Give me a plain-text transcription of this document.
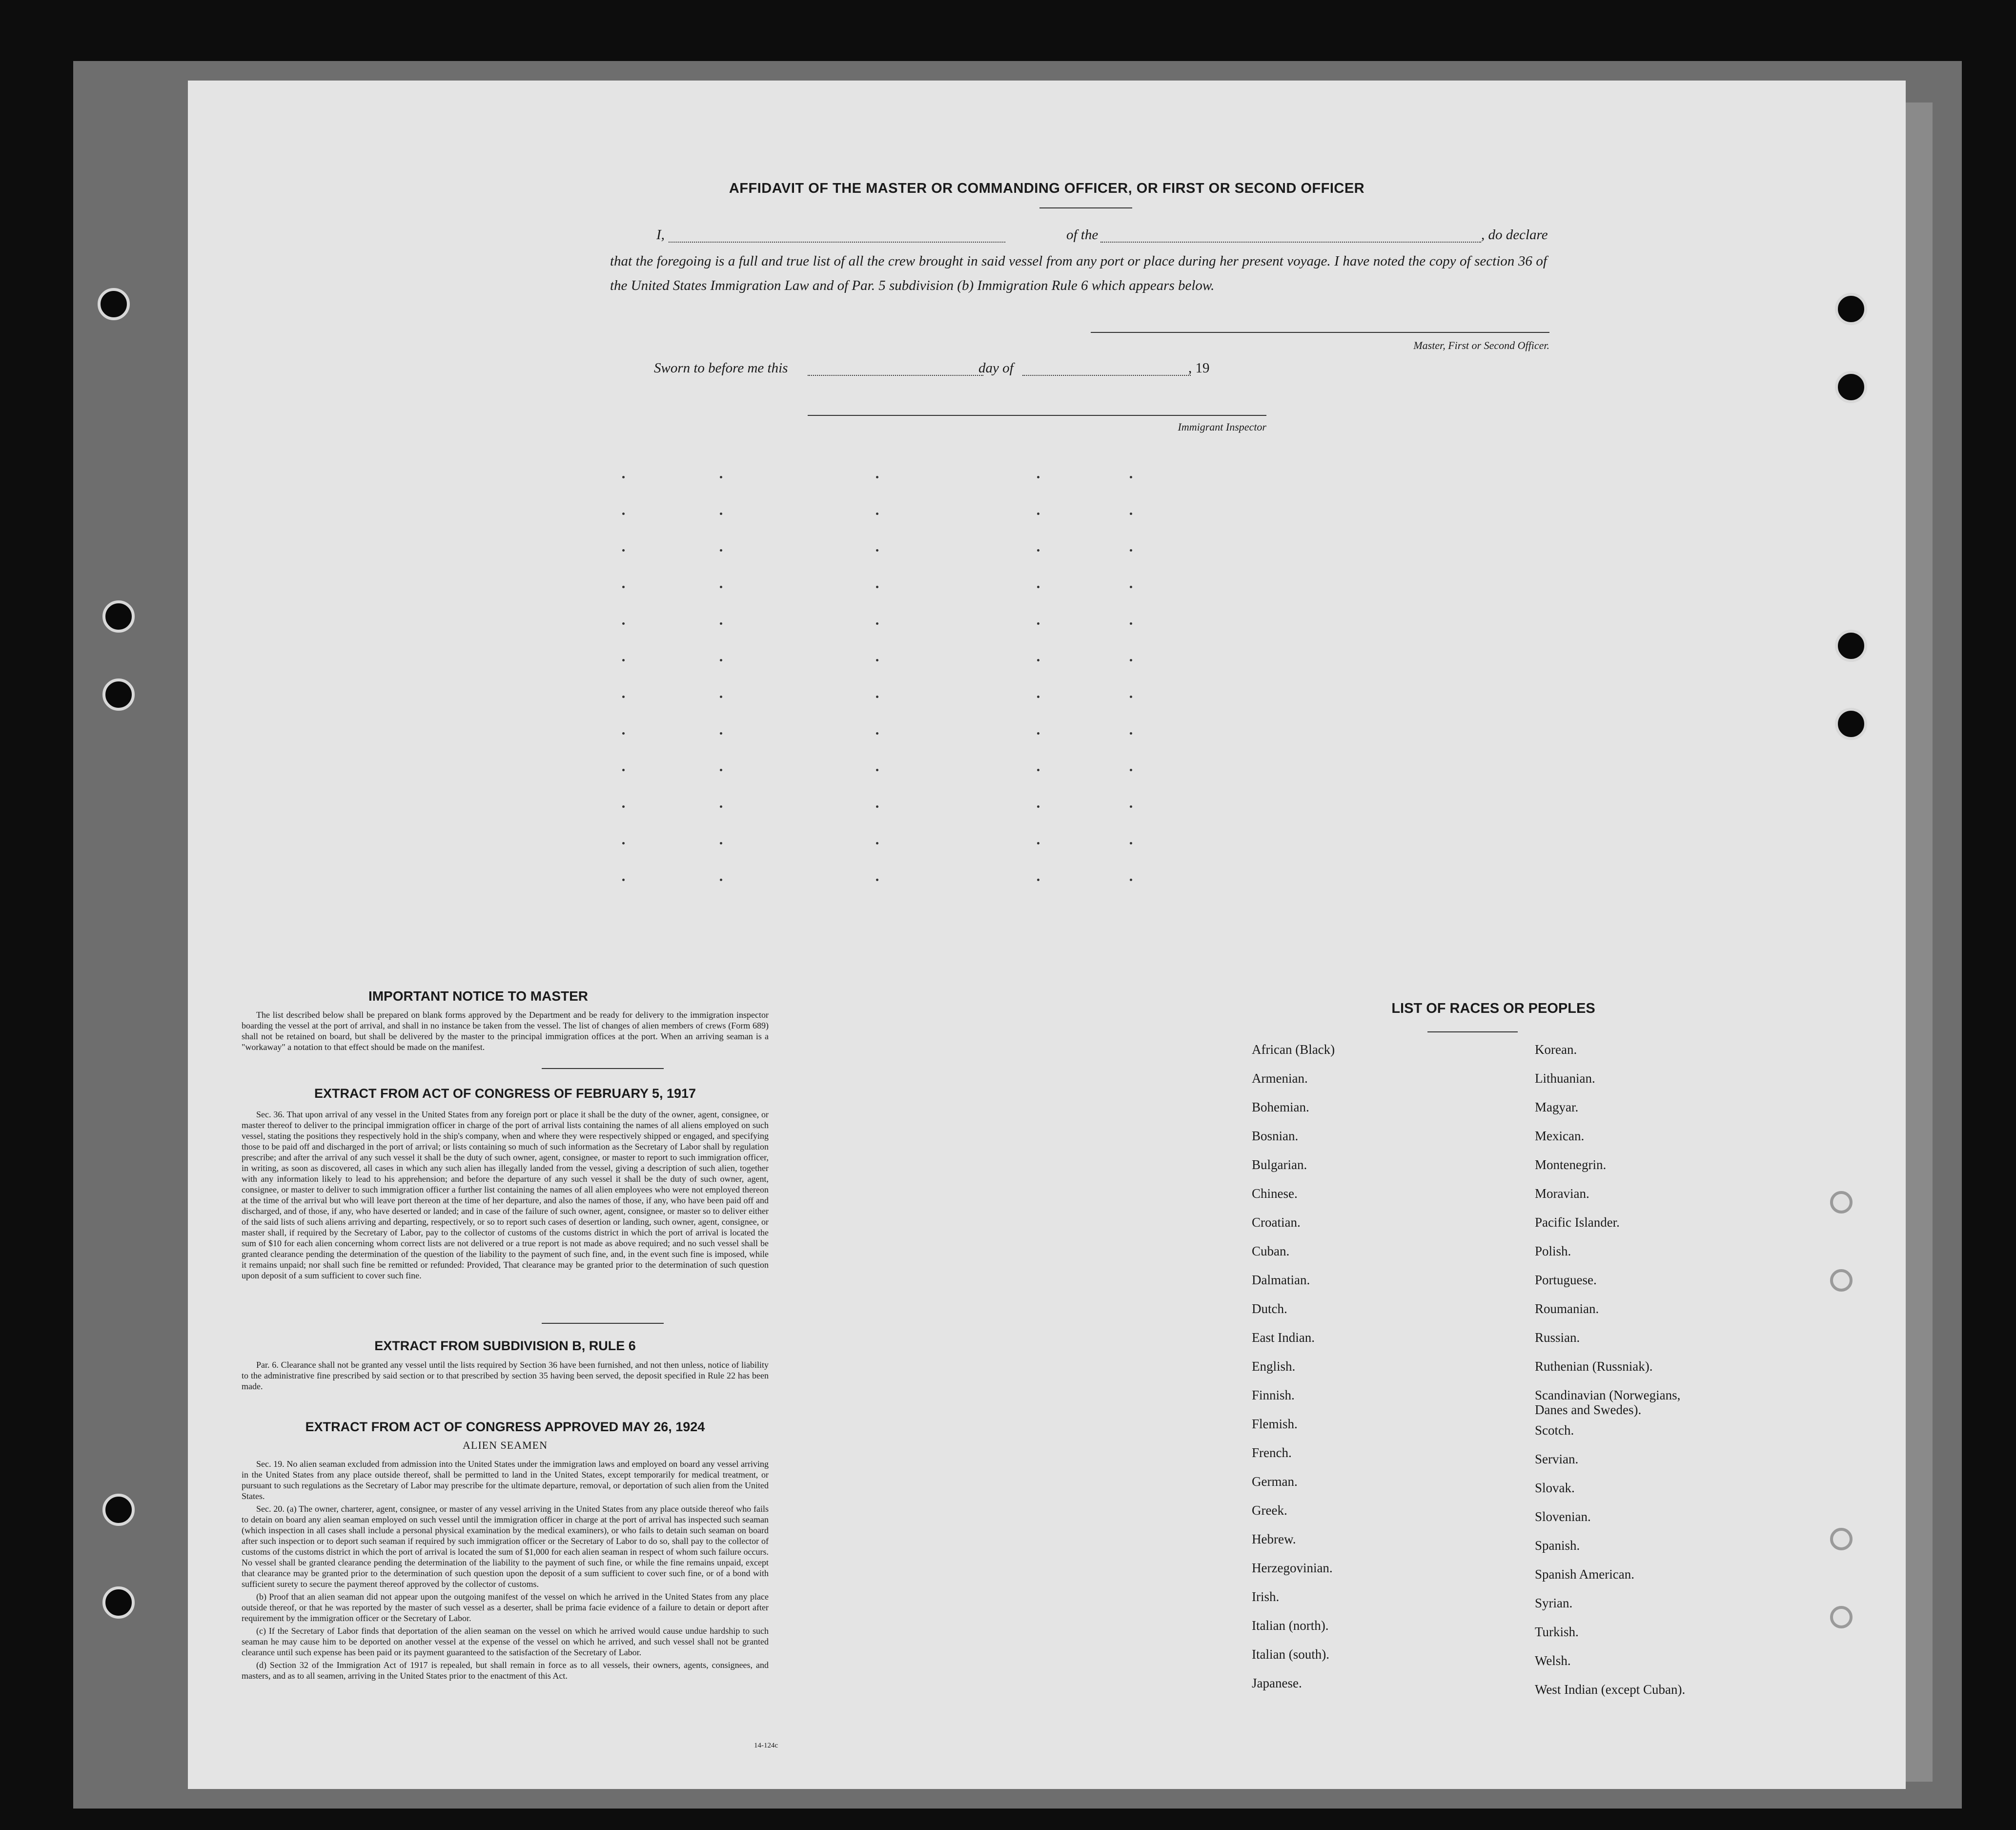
AFFIDAVIT OF THE MASTER OR COMMANDING OFFICER, OR FIRST OR SECOND OFFICER
I,	of the	, do declare
that the foregoing is a full and true list of all the crew brought in said vessel from any port or place during her present voyage. I have noted the copy of section 36 of the United States Immigration Law and of Par. 5 subdivision (b) Immigration Rule 6 which appears below.
Master, First or Second Officer.
Sworn to before me this	day of	, 19
Immigrant Inspector
IMPORTANT NOTICE TO MASTER

The list described below shall be prepared on blank forms approved by the Department and be ready for delivery to the immigration inspector boarding the vessel at the port of arrival, and shall in no instance be taken from the vessel. The list of changes of alien members of crews (Form 689) shall not be retained on board, but shall be delivered by the master to the principal immigration offices at the port. When an arriving seaman is a "workaway" a notation to that effect should be made on the manifest.

EXTRACT FROM ACT OF CONGRESS OF FEBRUARY 5, 1917

Sec. 36. That upon arrival of any vessel in the United States from any foreign port or place it shall be the duty of the owner, agent, consignee, or master thereof to deliver to the principal immigration officer in charge of the port of arrival lists containing the names of all aliens employed on such vessel, stating the positions they respectively hold in the ship's company, when and where they were respectively shipped or engaged, and specifying those to be paid off and discharged in the port of arrival; or lists containing so much of such information as the Secretary of Labor shall by regulation prescribe; and after the arrival of any such vessel it shall be the duty of such owner, agent, consignee, or master to report to such immigration officer, in writing, as soon as discovered, all cases in which any such alien has illegally landed from the vessel, giving a description of such alien, together with any information likely to lead to his apprehension; and before the departure of any such vessel it shall be the duty of such owner, agent, consignee, or master to deliver to such immigration officer a further list containing the names of all alien employees who were not employed thereon at the time of the arrival but who will leave port thereon at the time of her departure, and also the names of those, if any, who have been paid off and discharged, and of those, if any, who have deserted or landed; and in case of the failure of such owner, agent, consignee, or master so to deliver either of the said lists of such aliens arriving and departing, respectively, or so to report such cases of desertion or landing, such owner, agent, consignee, or master shall, if required by the Secretary of Labor, pay to the collector of customs of the customs district in which the port of arrival is located the sum of $10 for each alien concerning whom correct lists are not delivered or a true report is not made as above required; and no such vessel shall be granted clearance pending the determination of the question of the liability to the payment of such fine, and, in the event such fine is imposed, while it remains unpaid; nor shall such fine be remitted or refunded: Provided, That clearance may be granted prior to the determination of such question upon deposit of a sum sufficient to cover such fine.

EXTRACT FROM SUBDIVISION B, RULE 6

Par. 6. Clearance shall not be granted any vessel until the lists required by Section 36 have been furnished, and not then unless, notice of liability to the administrative fine prescribed by said section or to that prescribed by section 35 having been served, the deposit specified in Rule 22 has been made.

EXTRACT FROM ACT OF CONGRESS APPROVED MAY 26, 1924
ALIEN SEAMEN

Sec. 19. No alien seaman excluded from admission into the United States under the immigration laws and employed on board any vessel arriving in the United States from any place outside thereof, shall be permitted to land in the United States, except temporarily for medical treatment, or pursuant to such regulations as the Secretary of Labor may prescribe for the ultimate departure, removal, or deportation of such alien from the United States.

Sec. 20. (a) The owner, charterer, agent, consignee, or master of any vessel arriving in the United States from any place outside thereof who fails to detain on board any alien seaman employed on such vessel until the immigration officer in charge at the port of arrival has inspected such seaman (which inspection in all cases shall include a personal physical examination by the medical examiners), or who fails to detain such seaman on board after such inspection or to deport such seaman if required by such immigration officer or the Secretary of Labor to do so, shall pay to the collector of customs of the customs district in which the port of arrival is located the sum of $1,000 for each alien seaman in respect of whom such failure occurs. No vessel shall be granted clearance pending the determination of the liability to the payment of such fine, or while the fine remains unpaid, except that clearance may be granted prior to the determination of such question upon the deposit of a sum sufficient to cover such fine, or of a bond with sufficient surety to secure the payment thereof approved by the collector of customs.

(b) Proof that an alien seaman did not appear upon the outgoing manifest of the vessel on which he arrived in the United States from any place outside thereof, or that he was reported by the master of such vessel as a deserter, shall be prima facie evidence of a failure to detain or deport after requirement by the immigration officer or the Secretary of Labor.

(c) If the Secretary of Labor finds that deportation of the alien seaman on the vessel on which he arrived would cause undue hardship to such seaman he may cause him to be deported on another vessel at the expense of the vessel on which he arrived, and such vessel shall not be granted clearance until such expense has been paid or its payment guaranteed to the satisfaction of the Secretary of Labor.

(d) Section 32 of the Immigration Act of 1917 is repealed, but shall remain in force as to all vessels, their owners, agents, consignees, and masters, and as to all seamen, arriving in the United States prior to the enactment of this Act.

14-124c
LIST OF RACES OR PEOPLES
African (Black)
Armenian.
Bohemian.
Bosnian.
Bulgarian.
Chinese.
Croatian.
Cuban.
Dalmatian.
Dutch.
East Indian.
English.
Finnish.
Flemish.
French.
German.
Greek.
Hebrew.
Herzegovinian.
Irish.
Italian (north).
Italian (south).
Japanese.
Korean.
Lithuanian.
Magyar.
Mexican.
Montenegrin.
Moravian.
Pacific Islander.
Polish.
Portuguese.
Roumanian.
Russian.
Ruthenian (Russniak).
Scandinavian (Norwegians, Danes and Swedes).
Scotch.
Servian.
Slovak.
Slovenian.
Spanish.
Spanish American.
Syrian.
Turkish.
Welsh.
West Indian (except Cuban).
